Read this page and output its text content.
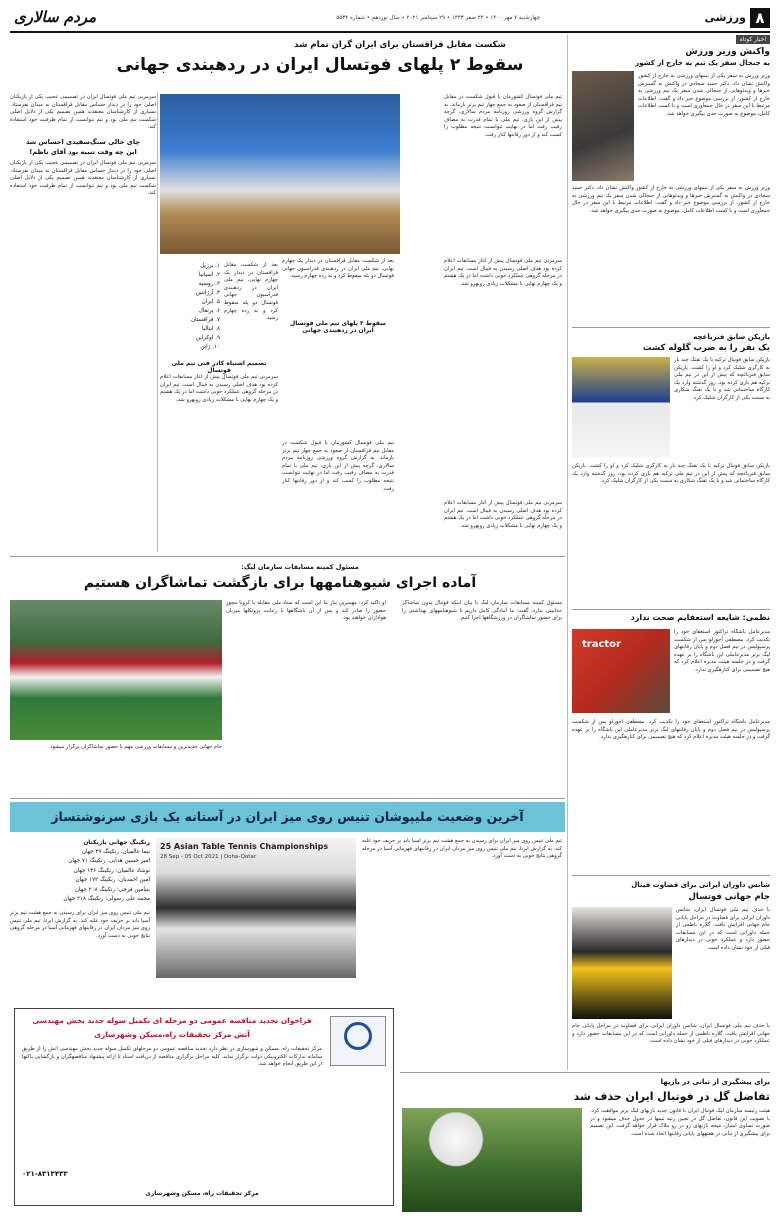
۸
ورزشی
چهارشنبه ۷ مهر ۱۴۰۰ • ۲۲ صفر ۱۴۴۳ • ۲۹ سپتامبر ۲۰۲۱ • سال نوزدهم • شماره ۵۵۳۲
مردم سالاری
اخبار کوتاه
واکنش وزیر ورزش
به جنجال سفر یک تیم به خارج از کشور
وزیر ورزش به سفر یکی از تیمهای ورزشی به خارج از کشور واکنش نشان داد. دکتر حمید سجادی در واکنش به گسترش خبرها و ویدئوهایی از جنجالی شدن سفر یک تیم ورزشی به خارج از کشور، از بررسی موضوع خبر داد و گفت: اطلاعات مرتبط با این سفر در حال جمعآوری است و با کسب اطلاعات کامل، موضوع به صورت جدی پیگیری خواهد شد.
وزیر ورزش به سفر یکی از تیمهای ورزشی به خارج از کشور واکنش نشان داد. دکتر حمید سجادی در واکنش به گسترش خبرها و ویدئوهایی از جنجالی شدن سفر یک تیم ورزشی به خارج از کشور، از بررسی موضوع خبر داد و گفت: اطلاعات مرتبط با این سفر در حال جمعآوری است و با کسب اطلاعات کامل، موضوع به صورت جدی پیگیری خواهد شد.
بازیکن سابق فنرباغچه
یک نفر را به ضرب گلوله کشت
بازیکن سابق فوتبال ترکیه با یک تفنگ چند بار به کارگری شلیک کرد و او را کشت. بازیکن سابق فنرباغچه که پیش از این در تیم ملی ترکیه هم بازی کرده بود، روز گذشته وارد یک کارگاه ساختمانی شد و با یک تفنگ شکاری به سمت یکی از کارگران شلیک کرد.
بازیکن سابق فوتبال ترکیه با یک تفنگ چند بار به کارگری شلیک کرد و او را کشت. بازیکن سابق فنرباغچه که پیش از این در تیم ملی ترکیه هم بازی کرده بود، روز گذشته وارد یک کارگاه ساختمانی شد و با یک تفنگ شکاری به سمت یکی از کارگران شلیک کرد.
نظمی: شایعه استعفایم صحت ندارد
tractor
مدیرعامل باشگاه تراکتور استعفای خود را تکذیب کرد. مصطفی آجورلو پس از شکست پرسپولیس در نیم فصل دوم و پایان رقابتهای لیگ برتر مدیرعاملی این باشگاه را بر عهده گرفت و در جلسه هیئت مدیره اعلام کرد که هیچ تصمیمی برای کنارهگیری ندارد.
مدیرعامل باشگاه تراکتور استعفای خود را تکذیب کرد. مصطفی آجورلو پس از شکست پرسپولیس در نیم فصل دوم و پایان رقابتهای لیگ برتر مدیرعاملی این باشگاه را بر عهده گرفت و در جلسه هیئت مدیره اعلام کرد که هیچ تصمیمی برای کنارهگیری ندارد.
شانس داوران ایرانی برای قضاوت فینال
جام جهانی فوتسال
با حذف تیم ملی فوتسال ایران، شانس داوران ایرانی برای قضاوت در مراحل پایانی جام جهانی افزایش یافت. گلاره ناظمی از جمله داورانی است که در این مسابقات حضور دارد و عملکرد خوبی در دیدارهای قبلی از خود نشان داده است.
با حذف تیم ملی فوتسال ایران، شانس داوران ایرانی برای قضاوت در مراحل پایانی جام جهانی افزایش یافت. گلاره ناظمی از جمله داورانی است که در این مسابقات حضور دارد و عملکرد خوبی در دیدارهای قبلی از خود نشان داده است.
شکست مقابل قزاقستان برای ایران گران تمام شد
سقوط ۲ پلهای فوتسال ایران در ردهبندی جهانی
تیم ملی فوتسال کشورمان با قبول شکست در مقابل تیم قزاقستان از صعود به جمع چهار تیم برتر بازماند. به گزارش گروه ورزشی روزنامه مردم سالاری، گرچه پیش از این بازی، تیم ملی با تمام قدرت به مصاف رقیب رفت اما در نهایت نتوانست نتیجه مطلوب را کسب کند و از دور رقابتها کنار رفت.
سرمربی تیم ملی فوتسال ایران در تصمیمی عجیب یکی از بازیکنان اصلی خود را در دیدار حساس مقابل قزاقستان به میدان نفرستاد. بسیاری از کارشناسان معتقدند همین تصمیم یکی از دلایل اصلی شکست تیم ملی بود و تیم نتوانست از تمام ظرفیت خود استفاده کند.
چای خالی سنگ‌سفیدی احساس شد
این چه وقت تنبیه بود آقای ناظم!
سرمربی تیم ملی فوتسال ایران در تصمیمی عجیب یکی از بازیکنان اصلی خود را در دیدار حساس مقابل قزاقستان به میدان نفرستاد. بسیاری از کارشناسان معتقدند همین تصمیم یکی از دلایل اصلی شکست تیم ملی بود و تیم نتوانست از تمام ظرفیت خود استفاده کند.
سرمربی تیم ملی فوتسال پیش از آغاز مسابقات اعلام کرده بود هدف اصلی رسیدن به فینال است. تیم ایران در مرحله گروهی عملکرد خوبی داشت اما در یک هشتم و یک چهارم نهایی با مشکلات زیادی روبهرو شد.
بعد از شکست مقابل قزاقستان در دیدار یک چهارم نهایی، تیم ملی ایران در ردهبندی فدراسیون جهانی فوتسال دو پله سقوط کرد و به رده چهارم رسید.
سقوط ۲ پلهای تیم ملی فوتسال ایران در ردهبندی جهانی
۱. برزیل
۲. اسپانیا
۳. روسیه
۴. آرژانتین
۵. ایران
۶. پرتغال
۷. قزاقستان
۸. ایتالیا
۹. اوکراین
۱۰. ژاپن
بعد از شکست مقابل قزاقستان در دیدار یک چهارم نهایی، تیم ملی ایران در ردهبندی فدراسیون جهانی فوتسال دو پله سقوط کرد و به رده چهارم رسید.
تصمیم اشتباه کادر فنی تیم ملی فوتسال
سرمربی تیم ملی فوتسال پیش از آغاز مسابقات اعلام کرده بود هدف اصلی رسیدن به فینال است. تیم ایران در مرحله گروهی عملکرد خوبی داشت اما در یک هشتم و یک چهارم نهایی با مشکلات زیادی روبهرو شد.
تیم ملی فوتسال کشورمان با قبول شکست در مقابل تیم قزاقستان از صعود به جمع چهار تیم برتر بازماند. به گزارش گروه ورزشی روزنامه مردم سالاری، گرچه پیش از این بازی، تیم ملی با تمام قدرت به مصاف رقیب رفت اما در نهایت نتوانست نتیجه مطلوب را کسب کند و از دور رقابتها کنار رفت.
سرمربی تیم ملی فوتسال پیش از آغاز مسابقات اعلام کرده بود هدف اصلی رسیدن به فینال است. تیم ایران در مرحله گروهی عملکرد خوبی داشت اما در یک هشتم و یک چهارم نهایی با مشکلات زیادی روبهرو شد.
مسئول کمیته مسابقات سازمان لیگ:
آماده اجرای شیوهنامهها برای بازگشت تماشاگران هستیم
مسئول کمیته مسابقات سازمان لیگ با بیان اینکه فوتبال بدون تماشاگر جذابیتی ندارد، گفت: ما آمادگی کامل داریم تا شیوهنامههای بهداشتی را برای حضور تماشاگران در ورزشگاهها اجرا کنیم.
او تاکید کرد: مهمترین نیاز ما این است که ستاد ملی مقابله با کرونا مجوز حضور را صادر کند و پس از آن باشگاهها با رعایت پروتکلها میزبان هواداران خواهند بود.
جام جهانی جدیدترین و مسابقات ورزشی مهم با حضور تماشاگران برگزار میشود
آخرین وضعیت ملیپوشان تنیس روی میز ایران در آستانه یک بازی سرنوشتساز
تیم ملی تنیس روی میز ایران برای رسیدن به جمع هشت تیم برتر آسیا باید بر حریف خود غلبه کند. به گزارش ایرنا، تیم ملی تنیس روی میز مردان ایران در رقابتهای قهرمانی آسیا در مرحله گروهی نتایج خوبی به دست آورد.
25 Asian Table Tennis Championships
28 Sep - 05 Oct 2021 | Doha-Qatar
رنکینگ جهانی بازیکنان
نیما عالمیان: رنکینگ ۴۹ جهان
امیر حسین هدایی: رنکینگ ۷۱ جهان
نوشاد عالمیان: رنکینگ ۱۴۶ جهان
امین احمدیان: رنکینگ ۱۷۳ جهان
بنیامین فرجی: رنکینگ ۲۰۸ جهان
محمد علی رسولی: رنکینگ ۲۱۸ جهان
تیم ملی تنیس روی میز ایران برای رسیدن به جمع هشت تیم برتر آسیا باید بر حریف خود غلبه کند. به گزارش ایرنا، تیم ملی تنیس روی میز مردان ایران در رقابتهای قهرمانی آسیا در مرحله گروهی نتایج خوبی به دست آورد.
فراخوان تجدید مناقصه عمومی دو مرحله ای تکمیل سوله جدید بخش مهندسی
آتش مرکز تحقیقات راه،مسکن وشهرسازی
مرکز تحقیقات راه، مسکن و شهرسازی در نظر دارد تجدید مناقصه عمومی دو مرحلهای تکمیل سوله جدید بخش مهندسی آتش را از طریق سامانه تدارکات الکترونیکی دولت برگزار نماید. کلیه مراحل برگزاری مناقصه از دریافت اسناد تا ارائه پیشنهاد مناقصهگران و بازگشایی پاکتها از این طریق انجام خواهد شد.
۰۲۱-۸۳۱۳۴۳۳
مرکز تحقیقات راه، مسکن وشهرسازی
برای پیشگیری از تبانی در بازیها
تفاضل گل در فوتبال ایران حذف شد
هیئت رئیسه سازمان لیگ فوتبال ایران با قانون جدید بازیهای لیگ برتر موافقت کرد. با تصویب این قانون، تفاضل گل در تعیین رتبه تیمها در جدول حذف میشود و در صورت تساوی امتیاز، نتیجه بازیهای رو در رو ملاک قرار خواهد گرفت. این تصمیم برای پیشگیری از تبانی در هفتههای پایانی رقابتها اتخاذ شده است.
